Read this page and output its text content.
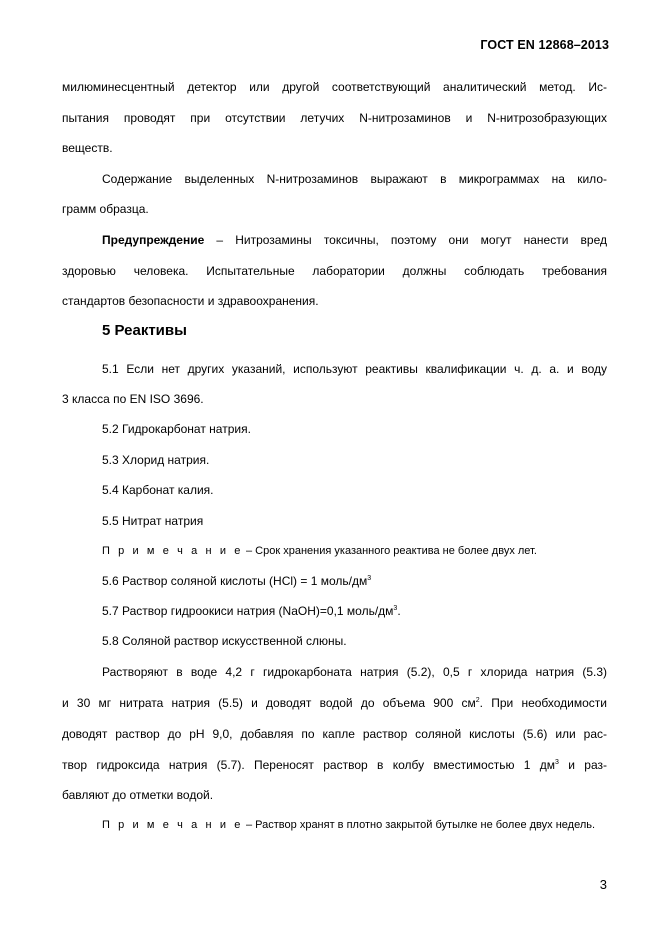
ГОСТ EN 12868–2013
милюминесцентный детектор или другой соответствующий аналитический метод. Ис-
пытания проводят при отсутствии летучих N-нитрозаминов и N-нитрозобразующих
веществ.
Содержание выделенных N-нитрозаминов выражают в микрограммах на кило-
грамм образца.
Предупреждение – Нитрозамины токсичны, поэтому они могут нанести вред
здоровью человека. Испытательные лаборатории должны соблюдать требования
стандартов безопасности и здравоохранения.
5 Реактивы
5.1 Если нет других указаний, используют реактивы квалификации ч. д. а. и воду
3 класса по EN ISO 3696.
5.2 Гидрокарбонат натрия.
5.3 Хлорид натрия.
5.4 Карбонат калия.
5.5 Нитрат натрия
П р и м е ч а н и е – Срок хранения указанного реактива не более двух лет.
5.6 Раствор соляной кислоты (HCl) = 1 моль/$дм^3$
5.7 Раствор гидроокиси натрия (NaOH)=0,1 моль/$дм^3$.
5.8 Соляной раствор искусственной слюны.
Растворяют в воде 4,2 г гидрокарбоната натрия (5.2), 0,5 г хлорида натрия (5.3)
и 30 мг нитрата натрия (5.5) и доводят водой до объема 900 $см^2$. При необходимости
доводят раствор до pH 9,0, добавляя по капле раствор соляной кислоты (5.6) или рас-
твор гидроксида натрия (5.7). Переносят раствор в колбу вместимостью 1 $дм^3$ и раз-
бавляют до отметки водой.
П р и м е ч а н и е – Раствор хранят в плотно закрытой бутылке не более двух недель.
3
